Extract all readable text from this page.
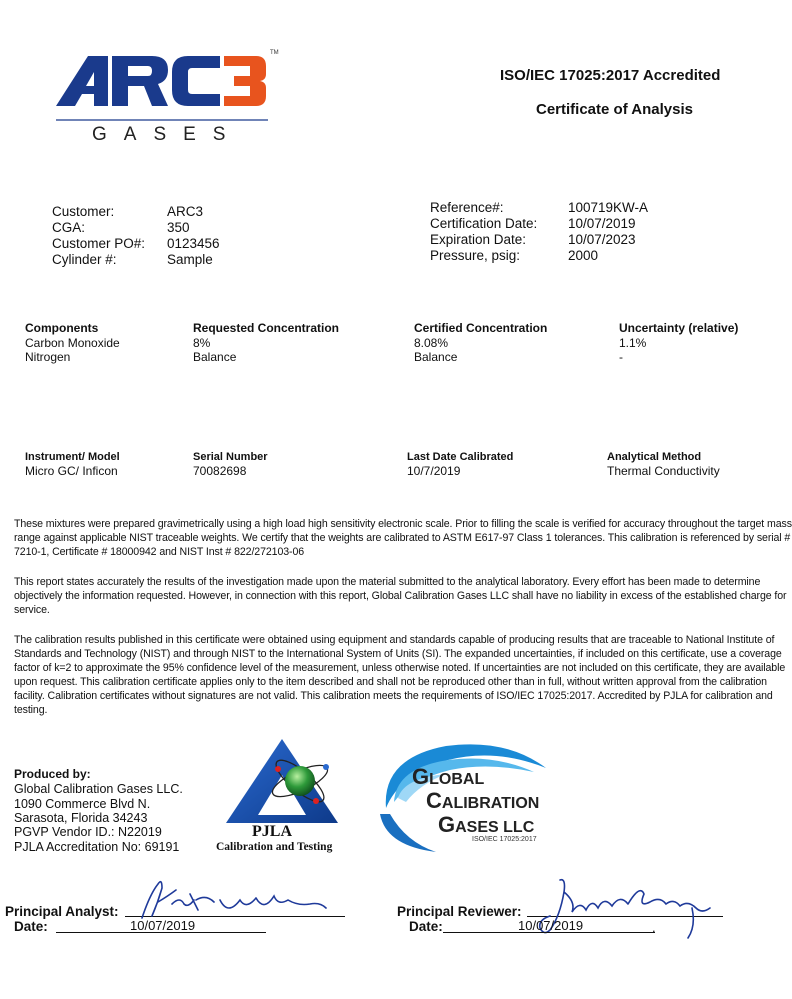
TM
GASES
ISO/IEC 17025:2017 Accredited
Certificate of Analysis
Customer:	ARC3
CGA:	350
Customer PO#: 0123456
Cylinder #:	Sample
Reference#:	100719KW-A
Certification Date: 10/07/2019
Expiration Date:	10/07/2023
Pressure, psig:	2000
Components	Requested Concentration	Certified Concentration	Uncertainty (relative)
Carbon Monoxide	8%	8.08%	1.1%
Nitrogen	Balance	Balance	-
Instrument/ Model	Serial Number	Last Date Calibrated	Analytical Method
Micro GC/ Inficon	70082698	10/7/2019	Thermal Conductivity
These mixtures were prepared gravimetrically using a high load high sensitivity electronic scale. Prior to filling the scale is verified for accuracy throughout the target mass
range against applicable NIST traceable weights. We certify that the weights are calibrated to ASTM E617-97 Class 1 tolerances. This calibration is referenced by serial #
7210-1, Certificate # 18000942 and NIST Inst # 822/272103-06
This report states accurately the results of the investigation made upon the material submitted to the analytical laboratory. Every effort has been made to determine
objectively the information requested. However, in connection with this report, Global Calibration Gases LLC shall have no liability in excess of the established charge for
service.
The calibration results published in this certificate were obtained using equipment and standards capable of producing results that are traceable to National Institute of
Standards and Technology (NIST) and through NIST to the International System of Units (SI). The expanded uncertainties, if included on this certificate, use a coverage
factor of k=2 to approximate the 95% confidence level of the measurement, unless otherwise noted. If uncertainties are not included on this certificate, they are available
upon request. This calibration certificate applies only to the item described and shall not be reproduced other than in full, without written approval from the calibration
facility. Calibration certificates without signatures are not valid. This calibration meets the requirements of ISO/IEC 17025:2017. Accredited by PJLA for calibration and
testing.
Produced by:
Global Calibration Gases LLC.
1090 Commerce Blvd N.
Sarasota, Florida 34243
PGVP Vendor ID.: N22019
PJLA Accreditation No: 69191
PJLA
Calibration and Testing
GLOBAL
CALIBRATION
GASES LLC
ISO/IEC 17025:2017
Principal Analyst:
Date:	10/07/2019
Principal Reviewer:
Date:	10/07/2019	.
